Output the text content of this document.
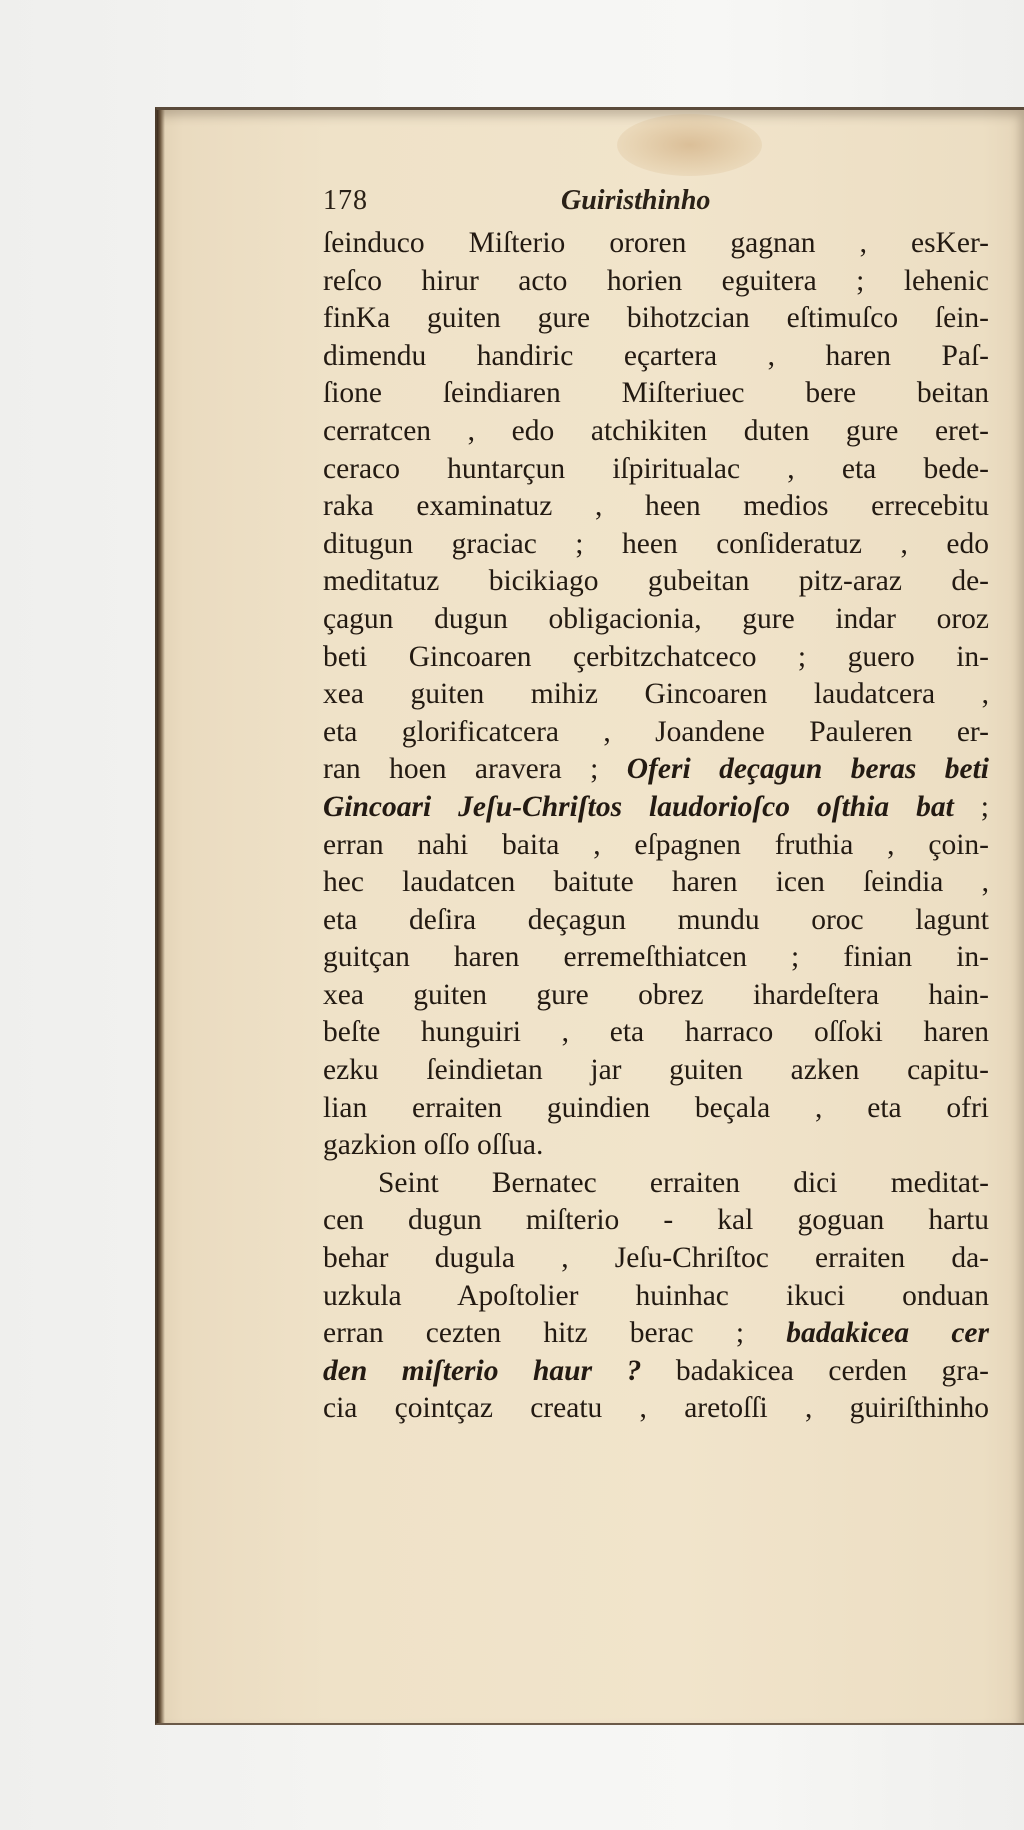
178	Guiristhinho
ſeinduco Miſterio ororen gagnan , esKer-
reſco hirur acto horien eguitera ; lehenic
finKa guiten gure bihotzcian eſtimuſco ſein-
dimendu handiric eçartera , haren Paſ-
ſione ſeindiaren Miſteriuec bere beitan
cerratcen , edo atchikiten duten gure eret-
ceraco huntarçun iſpiritualac , eta bede-
raka examinatuz , heen medios errecebitu
ditugun graciac ; heen conſideratuz , edo
meditatuz bicikiago gubeitan pitz-araz de-
çagun dugun obligacionia, gure indar oroz
beti Gincoaren çerbitzchatceco ; guero in-
xea guiten mihiz Gincoaren laudatcera ,
eta glorificatcera , Joandene Pauleren er-
ran hoen aravera ; Oferi deçagun beras beti
Gincoari Jeſu-Chriſtos laudorioſco oſthia bat ;
erran nahi baita , eſpagnen fruthia , çoin-
hec laudatcen baitute haren icen ſeindia ,
eta deſira deçagun mundu oroc lagunt
guitçan haren erremeſthiatcen ; finian in-
xea guiten gure obrez ihardeſtera hain-
beſte hunguiri , eta harraco oſſoki haren
ezku ſeindietan jar guiten azken capitu-
lian erraiten guindien beçala , eta ofri
gazkion oſſo oſſua.
Seint Bernatec erraiten dici meditat-
cen dugun miſterio - kal goguan hartu
behar dugula , Jeſu-Chriſtoc erraiten da-
uzkula Apoſtolier huinhac ikuci onduan
erran cezten hitz berac ; badakicea cer
den miſterio haur ? badakicea cerden gra-
cia çointçaz creatu , aretoſſi , guiriſthinho
